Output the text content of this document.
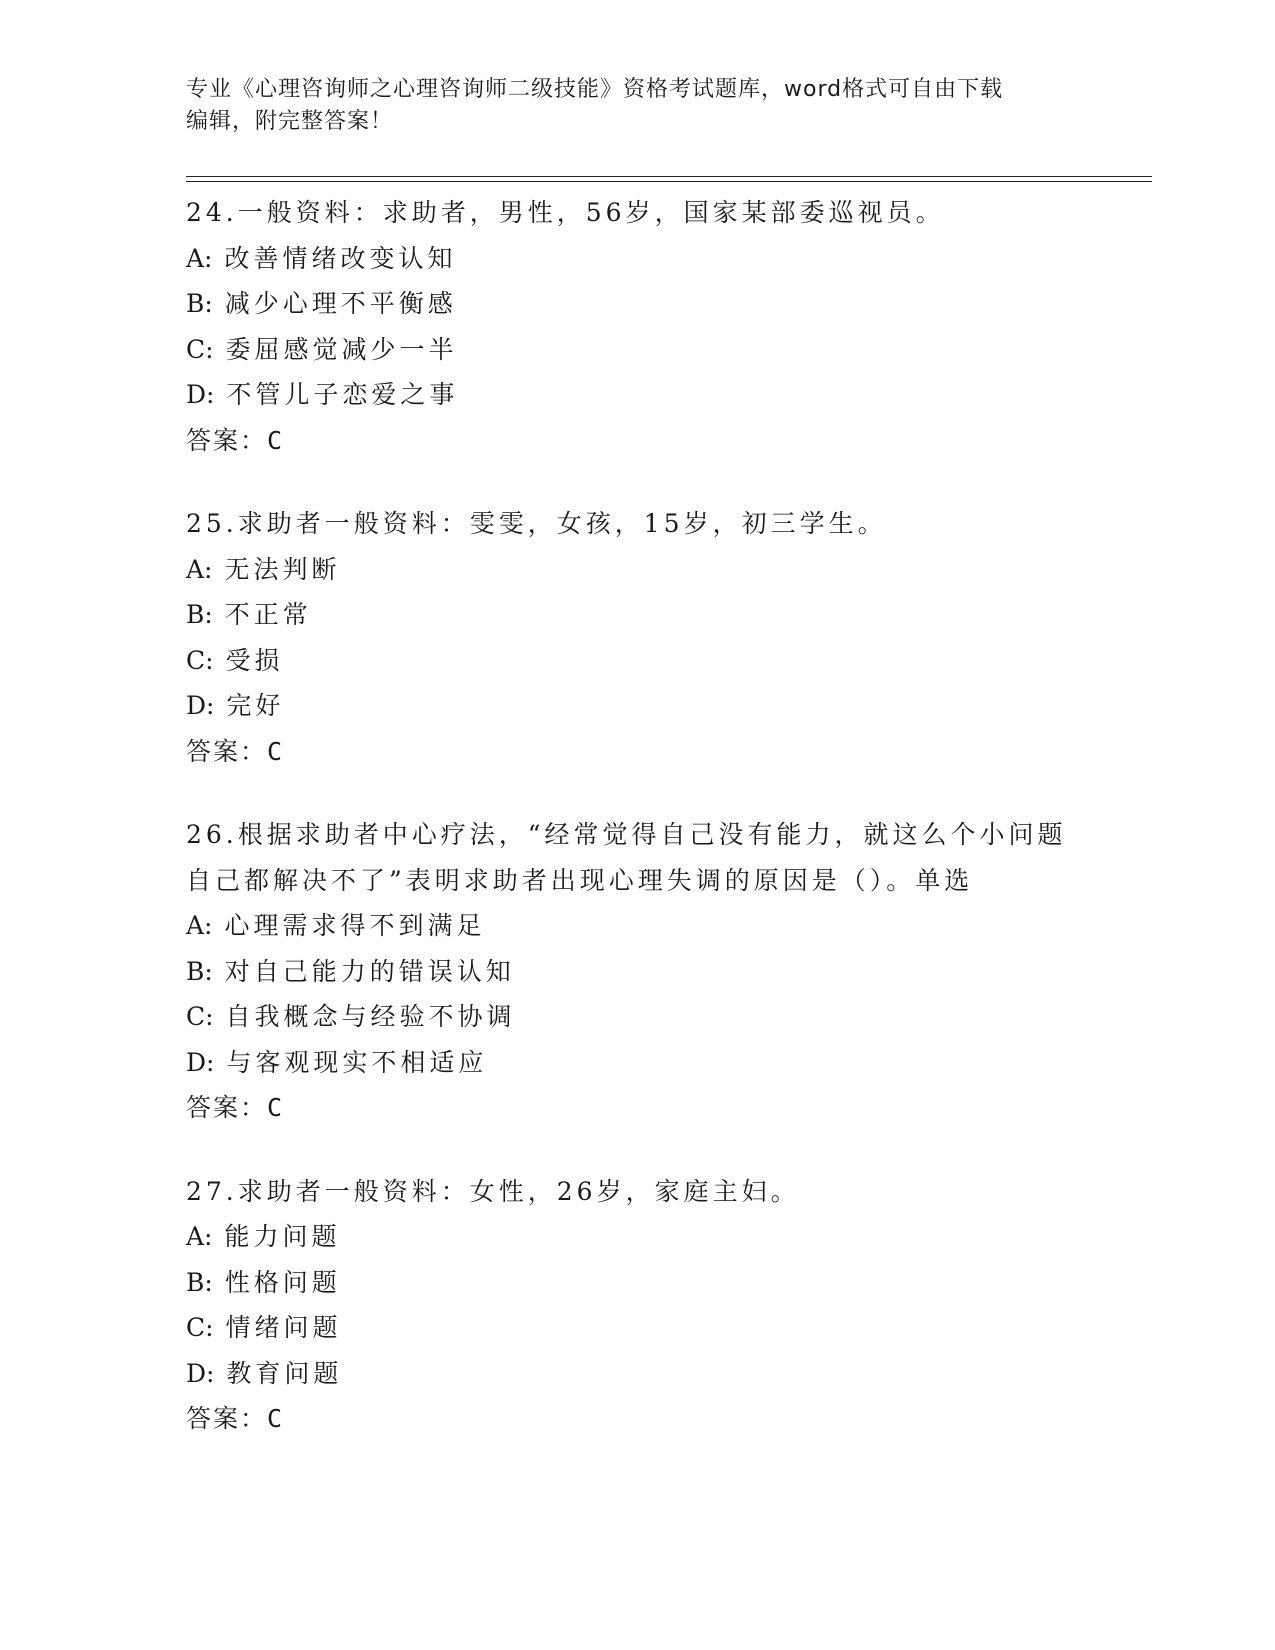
专业《心理咨询师之心理咨询师二级技能》资格考试题库，word格式可自由下载
编辑，附完整答案！
24.一般资料：求助者，男性，56岁，国家某部委巡视员。
A: 改善情绪改变认知
B: 减少心理不平衡感
C: 委屈感觉减少一半
D: 不管儿子恋爱之事
答案：C
25.求助者一般资料：雯雯，女孩，15岁，初三学生。
A: 无法判断
B: 不正常
C: 受损
D: 完好
答案：C
26.根据求助者中心疗法，“经常觉得自己没有能力，就这么个小问题
自己都解决不了”表明求助者出现心理失调的原因是（）。单选
A: 心理需求得不到满足
B: 对自己能力的错误认知
C: 自我概念与经验不协调
D: 与客观现实不相适应
答案：C
27.求助者一般资料：女性，26岁，家庭主妇。
A: 能力问题
B: 性格问题
C: 情绪问题
D: 教育问题
答案：C
